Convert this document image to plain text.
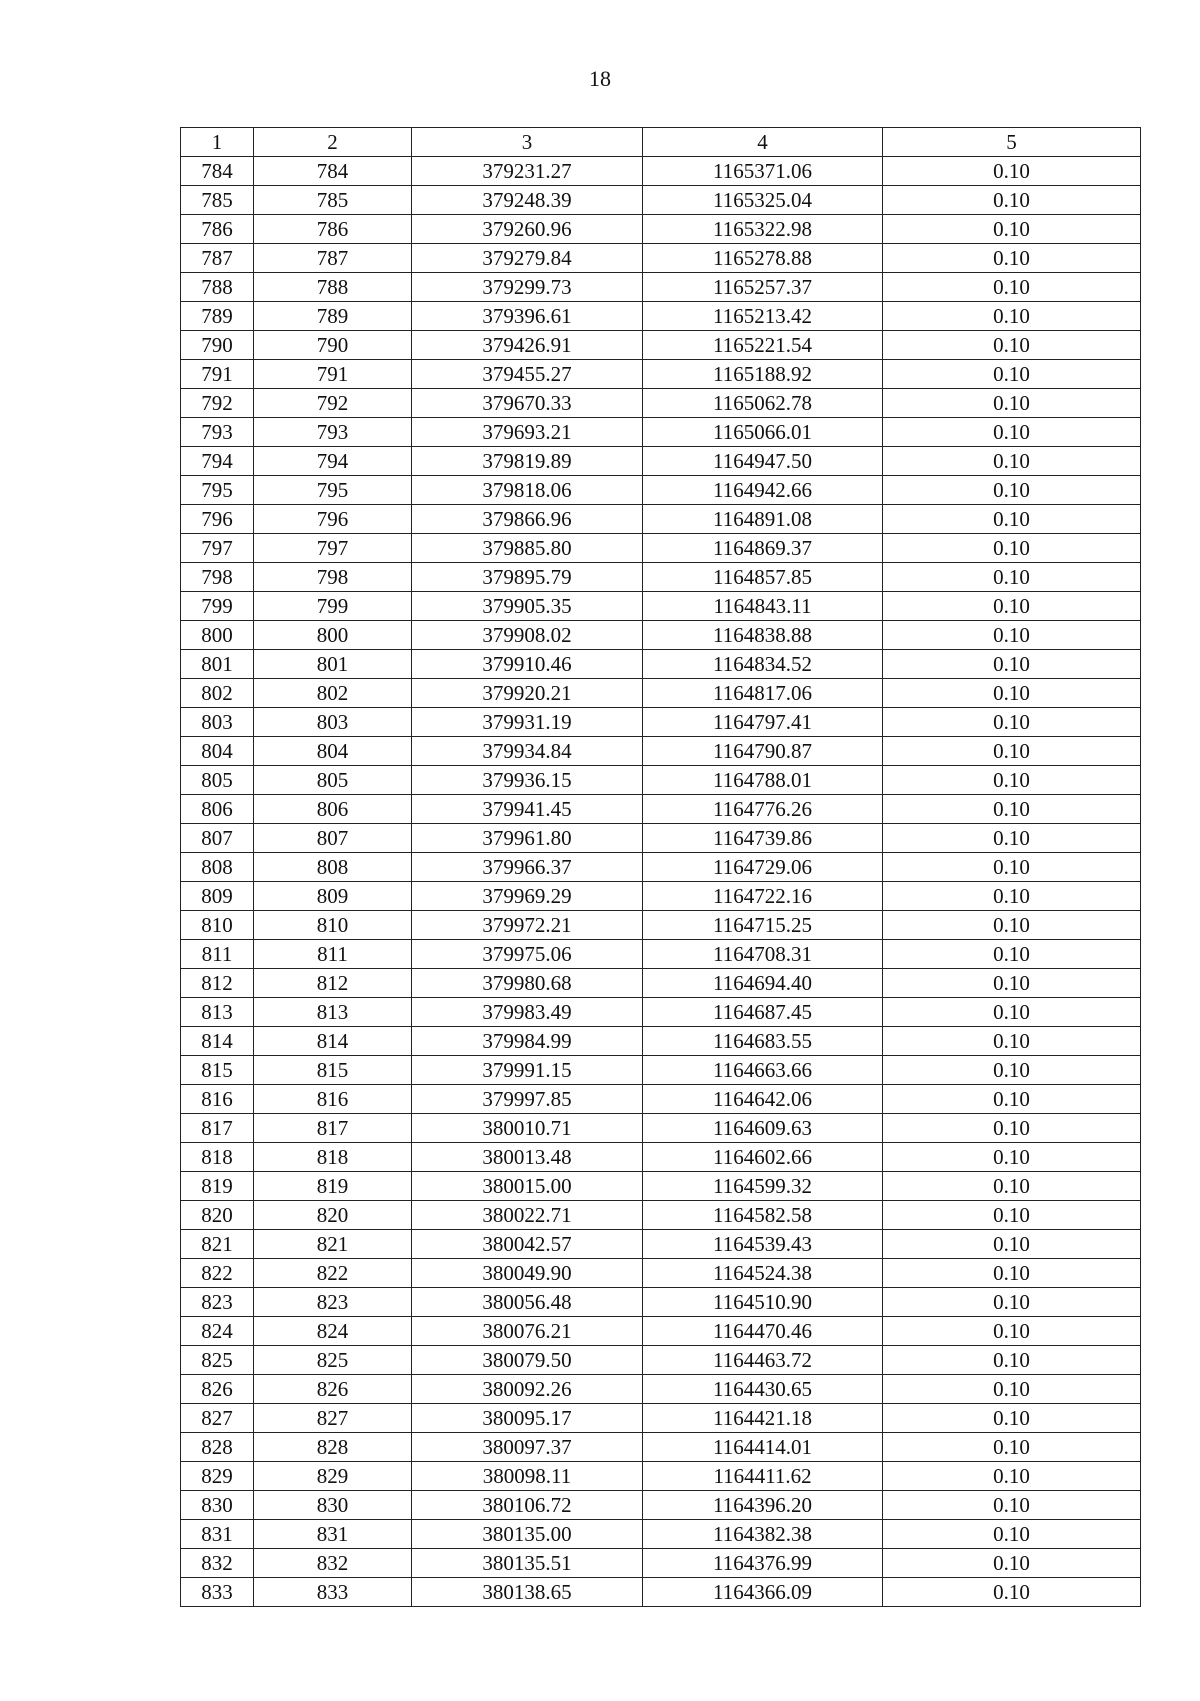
18
1	2	3	4	5
784	784	379231.27	1165371.06	0.10
785	785	379248.39	1165325.04	0.10
786	786	379260.96	1165322.98	0.10
787	787	379279.84	1165278.88	0.10
788	788	379299.73	1165257.37	0.10
789	789	379396.61	1165213.42	0.10
790	790	379426.91	1165221.54	0.10
791	791	379455.27	1165188.92	0.10
792	792	379670.33	1165062.78	0.10
793	793	379693.21	1165066.01	0.10
794	794	379819.89	1164947.50	0.10
795	795	379818.06	1164942.66	0.10
796	796	379866.96	1164891.08	0.10
797	797	379885.80	1164869.37	0.10
798	798	379895.79	1164857.85	0.10
799	799	379905.35	1164843.11	0.10
800	800	379908.02	1164838.88	0.10
801	801	379910.46	1164834.52	0.10
802	802	379920.21	1164817.06	0.10
803	803	379931.19	1164797.41	0.10
804	804	379934.84	1164790.87	0.10
805	805	379936.15	1164788.01	0.10
806	806	379941.45	1164776.26	0.10
807	807	379961.80	1164739.86	0.10
808	808	379966.37	1164729.06	0.10
809	809	379969.29	1164722.16	0.10
810	810	379972.21	1164715.25	0.10
811	811	379975.06	1164708.31	0.10
812	812	379980.68	1164694.40	0.10
813	813	379983.49	1164687.45	0.10
814	814	379984.99	1164683.55	0.10
815	815	379991.15	1164663.66	0.10
816	816	379997.85	1164642.06	0.10
817	817	380010.71	1164609.63	0.10
818	818	380013.48	1164602.66	0.10
819	819	380015.00	1164599.32	0.10
820	820	380022.71	1164582.58	0.10
821	821	380042.57	1164539.43	0.10
822	822	380049.90	1164524.38	0.10
823	823	380056.48	1164510.90	0.10
824	824	380076.21	1164470.46	0.10
825	825	380079.50	1164463.72	0.10
826	826	380092.26	1164430.65	0.10
827	827	380095.17	1164421.18	0.10
828	828	380097.37	1164414.01	0.10
829	829	380098.11	1164411.62	0.10
830	830	380106.72	1164396.20	0.10
831	831	380135.00	1164382.38	0.10
832	832	380135.51	1164376.99	0.10
833	833	380138.65	1164366.09	0.10
